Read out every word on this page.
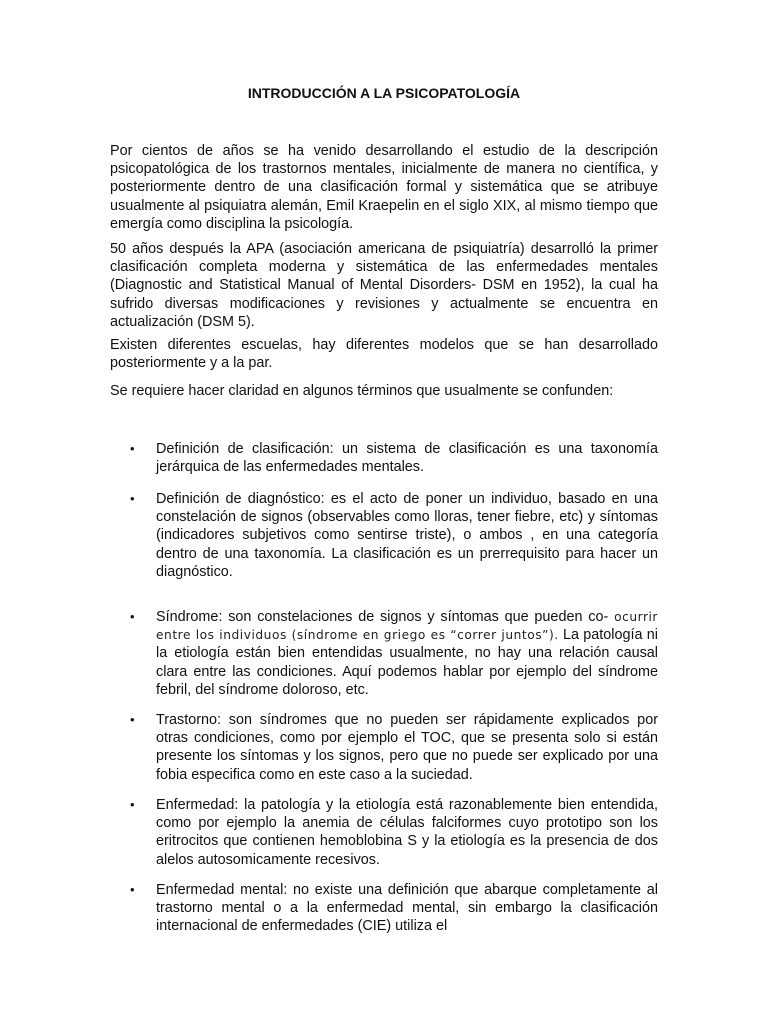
INTRODUCCIÓN A LA PSICOPATOLOGÍA

Por cientos de años se ha venido desarrollando el estudio de la descripción psicopatológica de los trastornos mentales, inicialmente de manera no científica, y posteriormente dentro de una clasificación formal y sistemática que se atribuye usualmente al psiquiatra alemán, Emil Kraepelin en el siglo XIX, al mismo tiempo que emergía como disciplina la psicología.

50 años después la APA (asociación americana de psiquiatría) desarrolló la primer clasificación completa moderna y sistemática de las enfermedades mentales (Diagnostic and Statistical Manual of Mental Disorders- DSM en 1952), la cual ha sufrido diversas modificaciones y revisiones y actualmente se encuentra en actualización (DSM 5).

Existen diferentes escuelas, hay diferentes modelos que se han desarrollado posteriormente y a la par.

Se requiere hacer claridad en algunos términos que usualmente se confunden:

• Definición de clasificación: un sistema de clasificación es una taxonomía jerárquica de las enfermedades mentales.

• Definición de diagnóstico: es el acto de poner un individuo, basado en una constelación de signos (observables como lloras, tener fiebre, etc) y síntomas (indicadores subjetivos como sentirse triste), o ambos , en una categoría dentro de una taxonomía. La clasificación es un prerrequisito para hacer un diagnóstico.

• Síndrome: son constelaciones de signos y síntomas que pueden co- ocurrir entre los individuos (síndrome en griego es “correr juntos”). La patología ni la etiología están bien entendidas usualmente, no hay una relación causal clara entre las condiciones. Aquí podemos hablar por ejemplo del síndrome febril, del síndrome doloroso, etc.

• Trastorno: son síndromes que no pueden ser rápidamente explicados por otras condiciones, como por ejemplo el TOC, que se presenta solo si están presente los síntomas y los signos, pero que no puede ser explicado por una fobia especifica como en este caso a la suciedad.

• Enfermedad: la patología y la etiología está razonablemente bien entendida, como por ejemplo la anemia de células falciformes cuyo prototipo son los eritrocitos que contienen hemoblobina S y la etiología es la presencia de dos alelos autosomicamente recesivos.

• Enfermedad mental: no existe una definición que abarque completamente al trastorno mental o a la enfermedad mental, sin embargo la clasificación internacional de enfermedades (CIE) utiliza el
